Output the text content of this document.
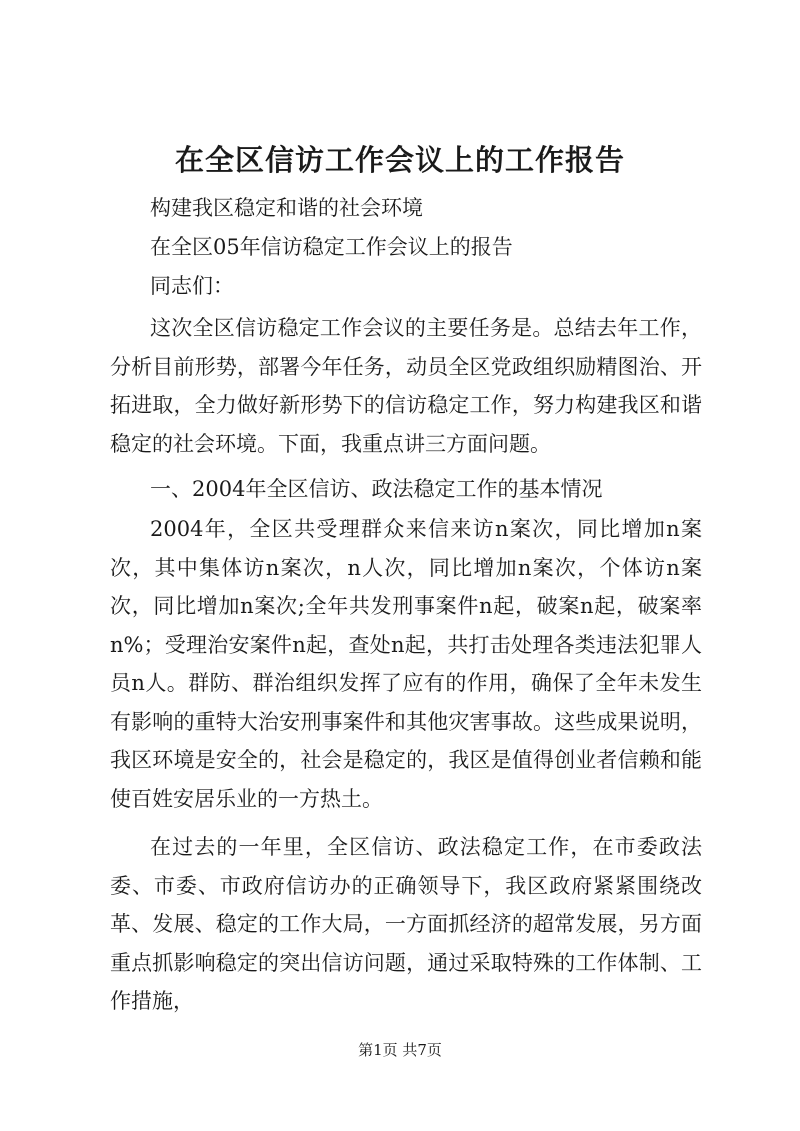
在全区信访工作会议上的工作报告
构建我区稳定和谐的社会环境
在全区05年信访稳定工作会议上的报告
同志们：
这次全区信访稳定工作会议的主要任务是。总结去年工作，分析目前形势，部署今年任务，动员全区党政组织励精图治、开拓进取，全力做好新形势下的信访稳定工作，努力构建我区和谐稳定的社会环境。下面，我重点讲三方面问题。
一、2004年全区信访、政法稳定工作的基本情况
2004年，全区共受理群众来信来访n案次，同比增加n案次，其中集体访n案次，n人次，同比增加n案次，个体访n案次，同比增加n案次;全年共发刑事案件n起，破案n起，破案率n%；受理治安案件n起，查处n起，共打击处理各类违法犯罪人员n人。群防、群治组织发挥了应有的作用，确保了全年未发生有影响的重特大治安刑事案件和其他灾害事故。这些成果说明，我区环境是安全的，社会是稳定的，我区是值得创业者信赖和能使百姓安居乐业的一方热土。
在过去的一年里，全区信访、政法稳定工作，在市委政法委、市委、市政府信访办的正确领导下，我区政府紧紧围绕改革、发展、稳定的工作大局，一方面抓经济的超常发展，另方面重点抓影响稳定的突出信访问题，通过采取特殊的工作体制、工作措施，
第1页 共7页
